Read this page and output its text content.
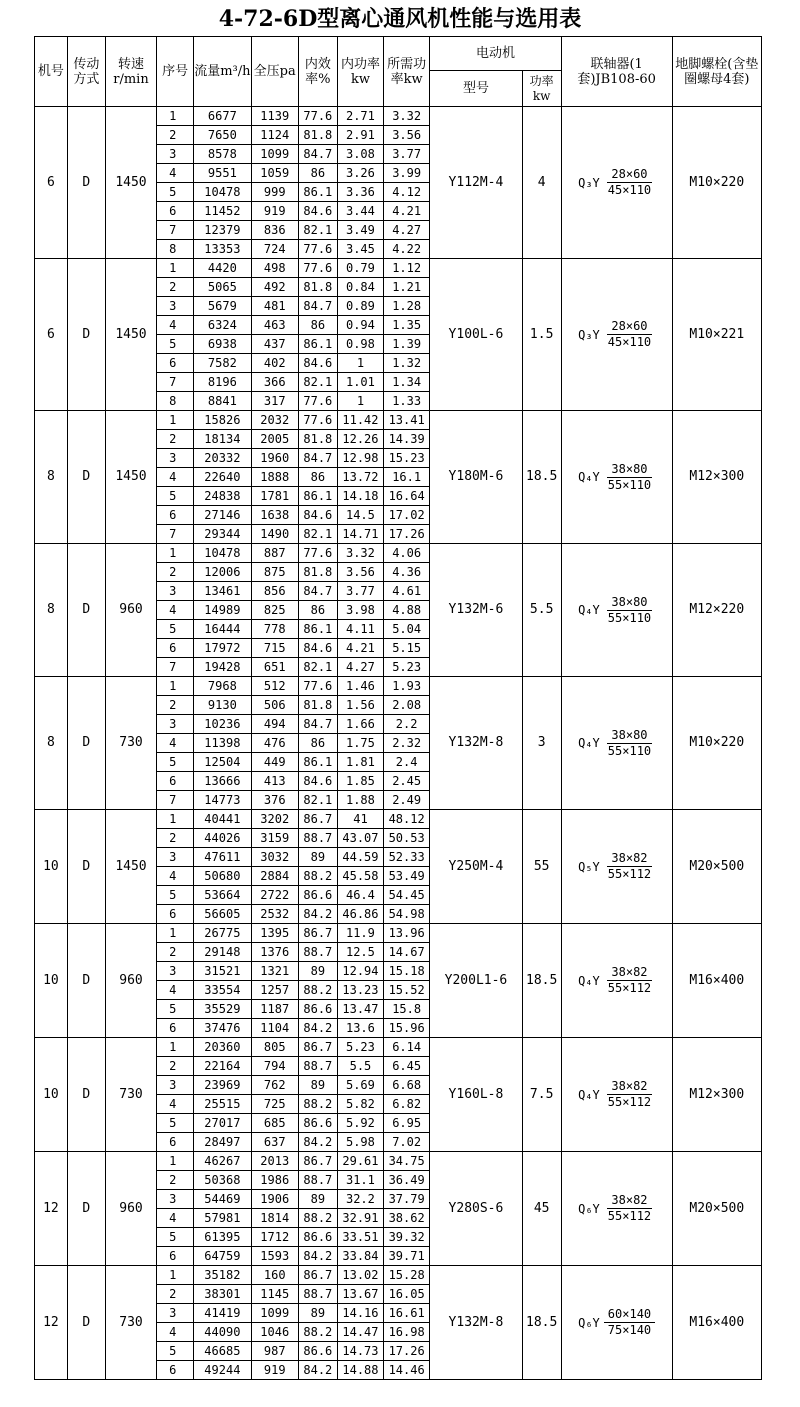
4-72-6D型离心通风机性能与选用表
机号	传动方式	转速r/min	序号	流量m³/h	全压pa	内效率%	内功率kw	所需功率kw	电动机		联轴器(1套)JB108-60	地脚螺栓(含垫圈螺母4套)
									型号	功率kw		
6	D	1450	1	6677	1139	77.6	2.71	3.32	Y112M-4	4	$Q_3Y \frac{28\times 60}{45\times 110}$	M10×220
			2	7650	1124	81.8	2.91	3.56				
			3	8578	1099	84.7	3.08	3.77				
			4	9551	1059	86	3.26	3.99				
			5	10478	999	86.1	3.36	4.12				
			6	11452	919	84.6	3.44	4.21				
			7	12379	836	82.1	3.49	4.27				
			8	13353	724	77.6	3.45	4.22				
6	D	1450	1	4420	498	77.6	0.79	1.12	Y100L-6	1.5	$Q_3Y \frac{28\times 60}{45\times 110}$	M10×221
			2	5065	492	81.8	0.84	1.21				
			3	5679	481	84.7	0.89	1.28				
			4	6324	463	86	0.94	1.35				
			5	6938	437	86.1	0.98	1.39				
			6	7582	402	84.6	1	1.32				
			7	8196	366	82.1	1.01	1.34				
			8	8841	317	77.6	1	1.33				
8	D	1450	1	15826	2032	77.6	11.42	13.41	Y180M-6	18.5	$Q_4Y \frac{38\times 80}{55\times 110}$	M12×300
			2	18134	2005	81.8	12.26	14.39				
			3	20332	1960	84.7	12.98	15.23				
			4	22640	1888	86	13.72	16.1				
			5	24838	1781	86.1	14.18	16.64				
			6	27146	1638	84.6	14.5	17.02				
			7	29344	1490	82.1	14.71	17.26				
8	D	960	1	10478	887	77.6	3.32	4.06	Y132M-6	5.5	$Q_4Y \frac{38\times 80}{55\times 110}$	M12×220
			2	12006	875	81.8	3.56	4.36				
			3	13461	856	84.7	3.77	4.61				
			4	14989	825	86	3.98	4.88				
			5	16444	778	86.1	4.11	5.04				
			6	17972	715	84.6	4.21	5.15				
			7	19428	651	82.1	4.27	5.23				
8	D	730	1	7968	512	77.6	1.46	1.93	Y132M-8	3	$Q_4Y \frac{38\times 80}{55\times 110}$	M10×220
			2	9130	506	81.8	1.56	2.08				
			3	10236	494	84.7	1.66	2.2				
			4	11398	476	86	1.75	2.32				
			5	12504	449	86.1	1.81	2.4				
			6	13666	413	84.6	1.85	2.45				
			7	14773	376	82.1	1.88	2.49				
10	D	1450	1	40441	3202	86.7	41	48.12	Y250M-4	55	$Q_5Y \frac{38\times 82}{55\times 112}$	M20×500
			2	44026	3159	88.7	43.07	50.53				
			3	47611	3032	89	44.59	52.33				
			4	50680	2884	88.2	45.58	53.49				
			5	53664	2722	86.6	46.4	54.45				
			6	56605	2532	84.2	46.86	54.98				
10	D	960	1	26775	1395	86.7	11.9	13.96	Y200L1-6	18.5	$Q_4Y \frac{38\times 82}{55\times 112}$	M16×400
			2	29148	1376	88.7	12.5	14.67				
			3	31521	1321	89	12.94	15.18				
			4	33554	1257	88.2	13.23	15.52				
			5	35529	1187	86.6	13.47	15.8				
			6	37476	1104	84.2	13.6	15.96				
10	D	730	1	20360	805	86.7	5.23	6.14	Y160L-8	7.5	$Q_4Y \frac{38\times 82}{55\times 112}$	M12×300
			2	22164	794	88.7	5.5	6.45				
			3	23969	762	89	5.69	6.68				
			4	25515	725	88.2	5.82	6.82				
			5	27017	685	86.6	5.92	6.95				
			6	28497	637	84.2	5.98	7.02				
12	D	960	1	46267	2013	86.7	29.61	34.75	Y280S-6	45	$Q_6Y \frac{38\times 82}{55\times 112}$	M20×500
			2	50368	1986	88.7	31.1	36.49				
			3	54469	1906	89	32.2	37.79				
			4	57981	1814	88.2	32.91	38.62				
			5	61395	1712	86.6	33.51	39.32				
			6	64759	1593	84.2	33.84	39.71				
12	D	730	1	35182	160	86.7	13.02	15.28	Y132M-8	18.5	$Q_6Y \frac{60\times 140}{75\times 140}$	M16×400
			2	38301	1145	88.7	13.67	16.05				
			3	41419	1099	89	14.16	16.61				
			4	44090	1046	88.2	14.47	16.98				
			5	46685	987	86.6	14.73	17.26				
			6	49244	919	84.2	14.88	14.46				
